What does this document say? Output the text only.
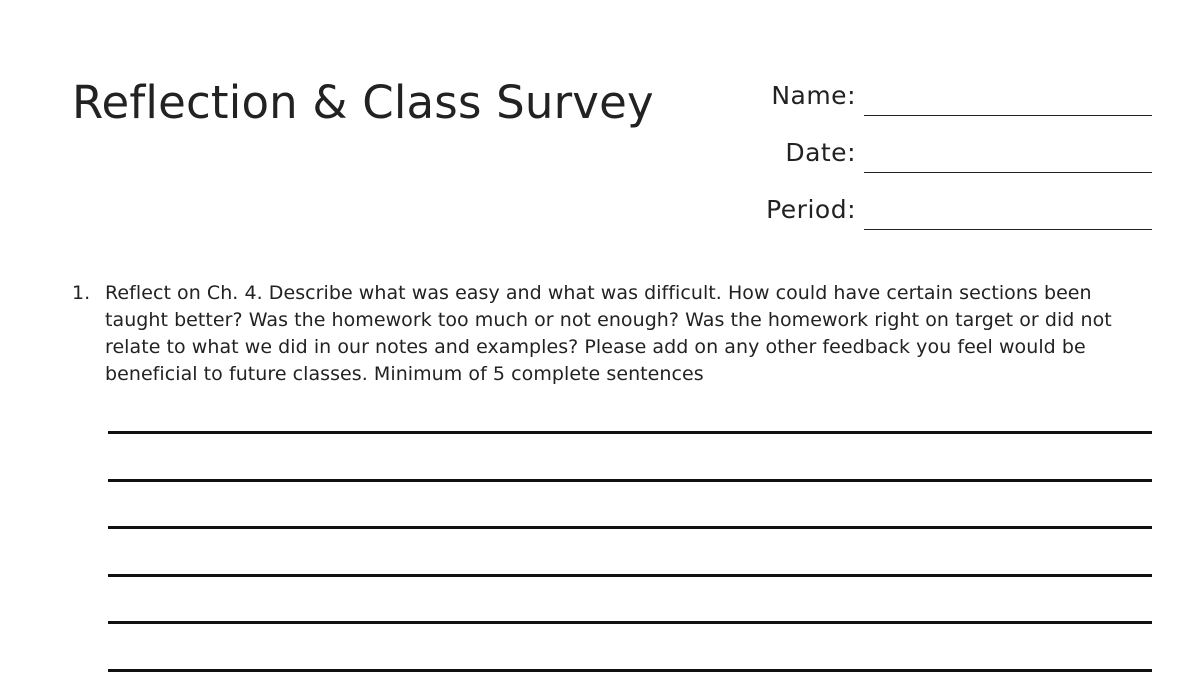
Reflection & Class Survey	Name:
Date:
Period:
1. Reflect on Ch. 4. Describe what was easy and what was difficult. How could have certain sections been taught better? Was the homework too much or not enough? Was the homework right on target or did not relate to what we did in our notes and examples? Please add on any other feedback you feel would be beneficial to future classes. Minimum of 5 complete sentences
